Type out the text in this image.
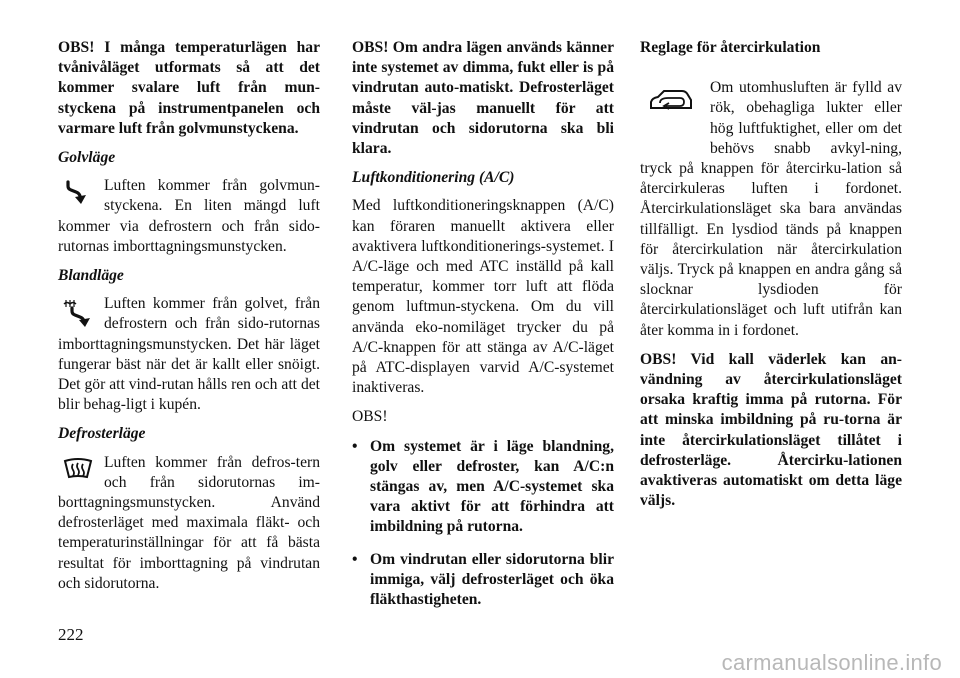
OBS! I många temperaturlägen har tvånivåläget utformats så att det kommer svalare luft från mun-styckena på instrumentpanelen och varmare luft från golvmunstyckena.

Golvläge

Luften kommer från golvmun-styckena. En liten mängd luft kommer via defrostern och från sido-rutornas imborttagningsmunstycken.

Blandläge

Luften kommer från golvet, från defrostern och från sido-rutornas imborttagningsmunstycken. Det här läget fungerar bäst när det är kallt eller snöigt. Det gör att vind-rutan hålls ren och att det blir behag-ligt i kupén.

Defrosterläge

Luften kommer från defros-tern och från sidorutornas im-borttagningsmunstycken. Använd defrosterläget med maximala fläkt- och temperaturinställningar för att få bästa resultat för imborttagning på vindrutan och sidorutorna.

OBS! Om andra lägen används känner inte systemet av dimma, fukt eller is på vindrutan auto-matiskt. Defrosterläget måste väl-jas manuellt för att vindrutan och sidorutorna ska bli klara.

Luftkonditionering (A/C)

Med luftkonditioneringsknappen (A/C) kan föraren manuellt aktivera eller avaktivera luftkonditionerings-systemet. I A/C-läge och med ATC inställd på kall temperatur, kommer torr luft att flöda genom luftmun-styckena. Om du vill använda eko-nomiläget trycker du på A/C-knappen för att stänga av A/C-läget på ATC-displayen varvid A/C-systemet inaktiveras.

OBS!

• Om systemet är i läge blandning, golv eller defroster, kan A/C:n stängas av, men A/C-systemet ska vara aktivt för att förhindra att imbildning på rutorna.
• Om vindrutan eller sidorutorna blir immiga, välj defrosterläget och öka fläkthastigheten.

Reglage för återcirkulation

Om utomhusluften är fylld av rök, obehagliga lukter eller hög luftfuktighet, eller om det behövs snabb avkyl-ning, tryck på knappen för återcirku-lation så återcirkuleras luften i fordonet. Återcirkulationsläget ska bara användas tillfälligt. En lysdiod tänds på knappen för återcirkulation när återcirkulation väljs. Tryck på knappen en andra gång så slocknar lysdioden för återcirkulationsläget och luft utifrån kan åter komma in i fordonet.

OBS! Vid kall väderlek kan an-vändning av återcirkulationsläget orsaka kraftig imma på rutorna. För att minska imbildning på ru-torna är inte återcirkulationsläget tillåtet i defrosterläge. Återcirku-lationen avaktiveras automatiskt om detta läge väljs.

222
carmanualsonline.info
